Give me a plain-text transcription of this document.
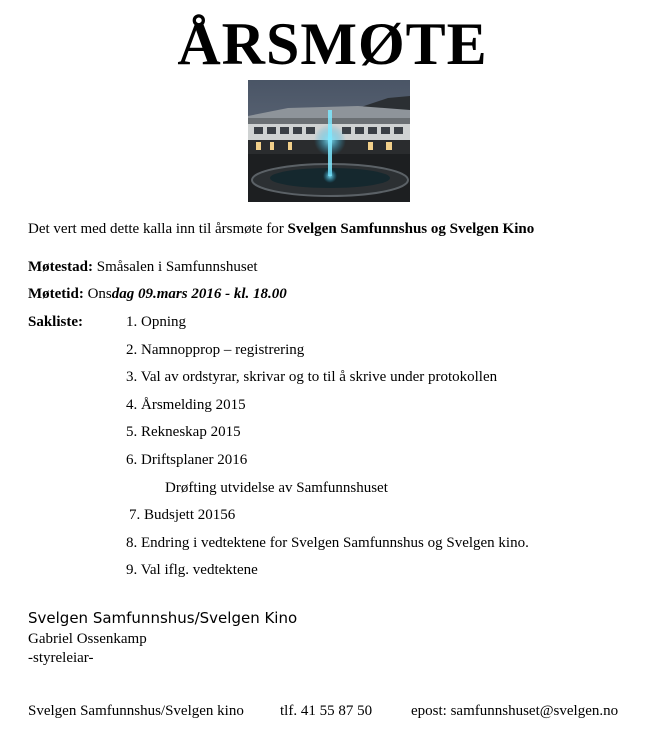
ÅRSMØTE
Det vert med dette kalla inn til årsmøte for Svelgen Samfunnshus og Svelgen Kino
Møtestad: Småsalen i Samfunnshuset
Møtetid: Onsdag 09.mars 2016 - kl. 18.00
Sakliste:	1. Opning
2. Namnopprop – registrering
3. Val av ordstyrar, skrivar og to til å skrive under protokollen
4. Årsmelding 2015
5. Rekneskap 2015
6. Driftsplaner 2016
Drøfting utvidelse av Samfunnshuset
7. Budsjett 20156
8. Endring i vedtektene for Svelgen Samfunnshus og Svelgen kino.
9. Val iflg. vedtektene
Svelgen Samfunnshus/Svelgen Kino
Gabriel Ossenkamp
-styreleiar-
Svelgen Samfunnshus/Svelgen kino tlf. 41 55 87 50	epost: samfunnshuset@svelgen.no
